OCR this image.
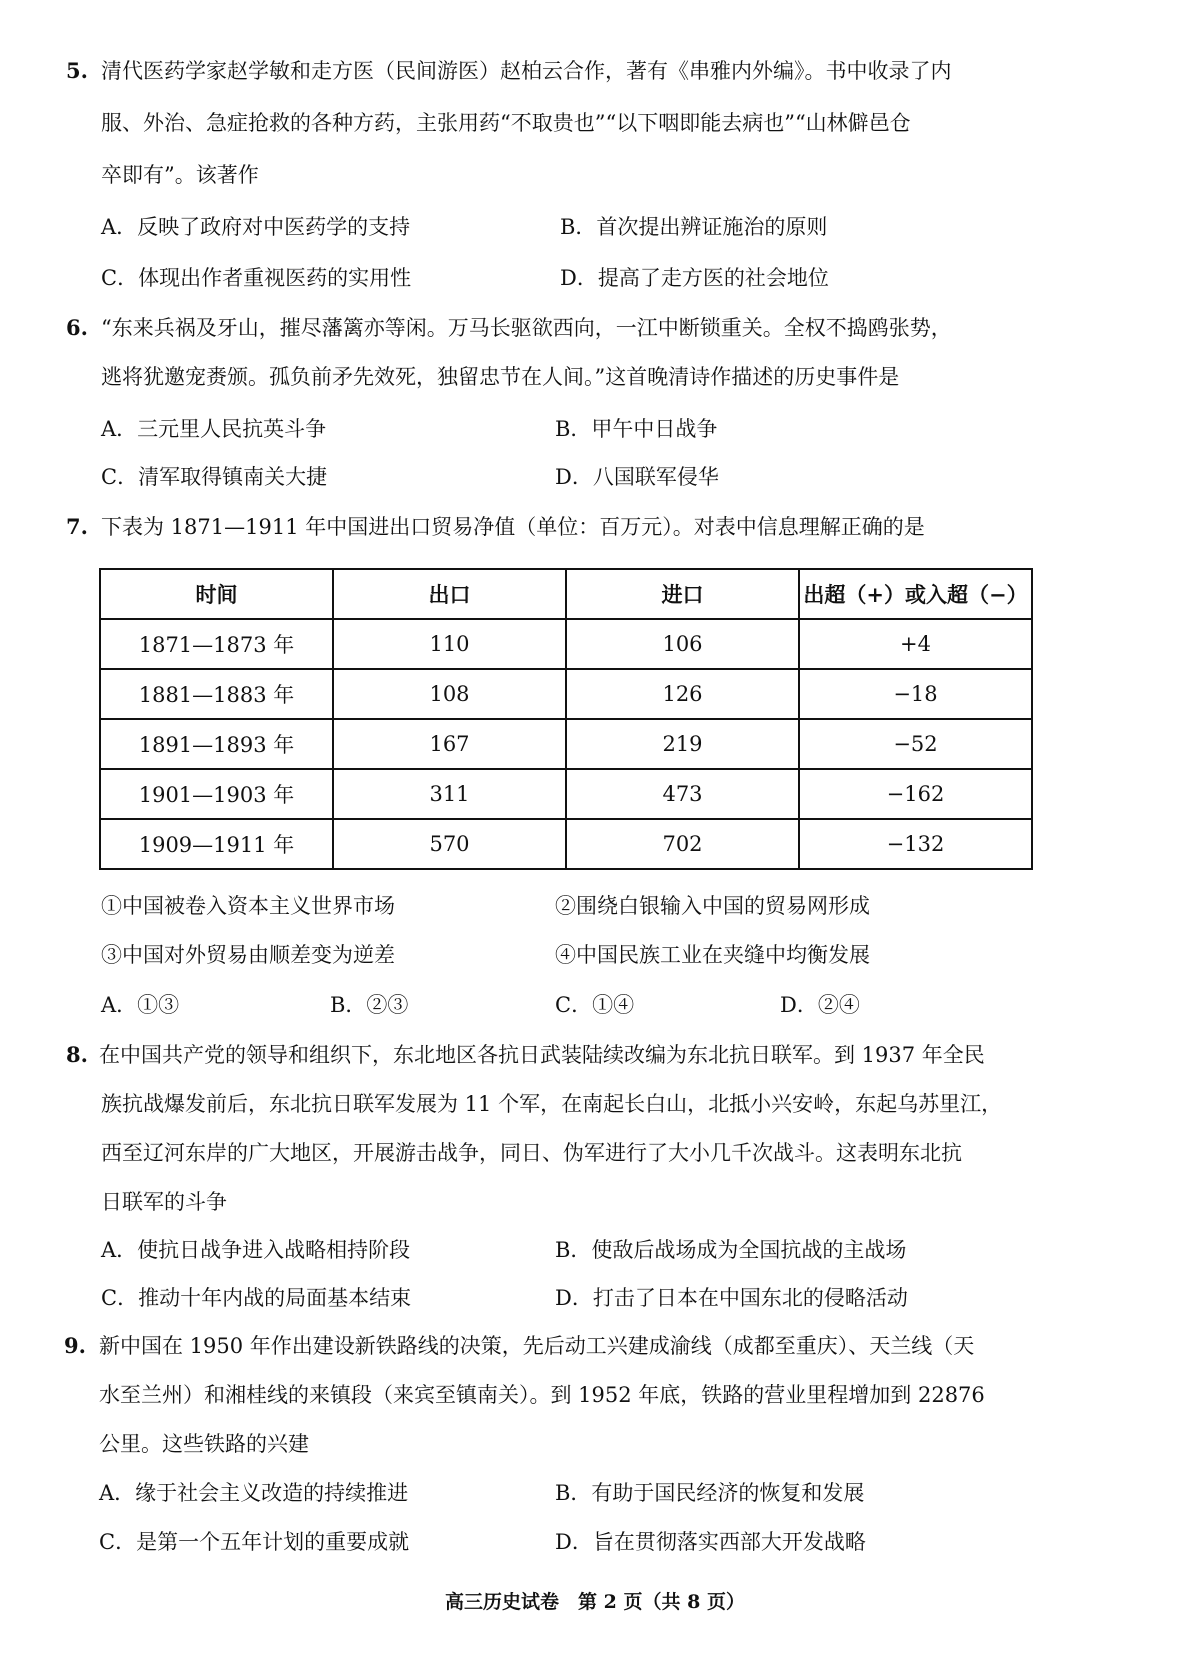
5. 清代医药学家赵学敏和走方医（民间游医）赵柏云合作，著有《串雅内外编》。书中收录了内
服、外治、急症抢救的各种方药，主张用药“不取贵也”“以下咽即能去病也”“山林僻邑仓
卒即有”。该著作
A．反映了政府对中医药学的支持	B．首次提出辨证施治的原则
C．体现出作者重视医药的实用性	D．提高了走方医的社会地位
6. “东来兵祸及牙山，摧尽藩篱亦等闲。万马长驱欲西向，一江中断锁重关。全权不捣鸥张势，
逃将犹邀宠赉颁。孤负前矛先效死，独留忠节在人间。”这首晚清诗作描述的历史事件是
A．三元里人民抗英斗争	B．甲午中日战争
C．清军取得镇南关大捷	D．八国联军侵华
7. 下表为 1871—1911 年中国进出口贸易净值（单位：百万元）。对表中信息理解正确的是
时间	出口	进口	出超（+）或入超（−）
1871—1873 年	110	106	+4
1881—1883 年	108	126	−18
1891—1893 年	167	219	−52
1901—1903 年	311	473	−162
1909—1911 年	570	702	−132
①中国被卷入资本主义世界市场	②围绕白银输入中国的贸易网形成
③中国对外贸易由顺差变为逆差	④中国民族工业在夹缝中均衡发展
A．①③	B．②③	C．①④	D．②④
8. 在中国共产党的领导和组织下，东北地区各抗日武装陆续改编为东北抗日联军。到 1937 年全民
族抗战爆发前后，东北抗日联军发展为 11 个军，在南起长白山，北抵小兴安岭，东起乌苏里江，
西至辽河东岸的广大地区，开展游击战争，同日、伪军进行了大小几千次战斗。这表明东北抗
日联军的斗争
A．使抗日战争进入战略相持阶段	B．使敌后战场成为全国抗战的主战场
C．推动十年内战的局面基本结束	D．打击了日本在中国东北的侵略活动
9. 新中国在 1950 年作出建设新铁路线的决策，先后动工兴建成渝线（成都至重庆）、天兰线（天
水至兰州）和湘桂线的来镇段（来宾至镇南关）。到 1952 年底，铁路的营业里程增加到 22876
公里。这些铁路的兴建
A．缘于社会主义改造的持续推进	B．有助于国民经济的恢复和发展
C．是第一个五年计划的重要成就	D．旨在贯彻落实西部大开发战略
高三历史试卷　第 2 页（共 8 页）
